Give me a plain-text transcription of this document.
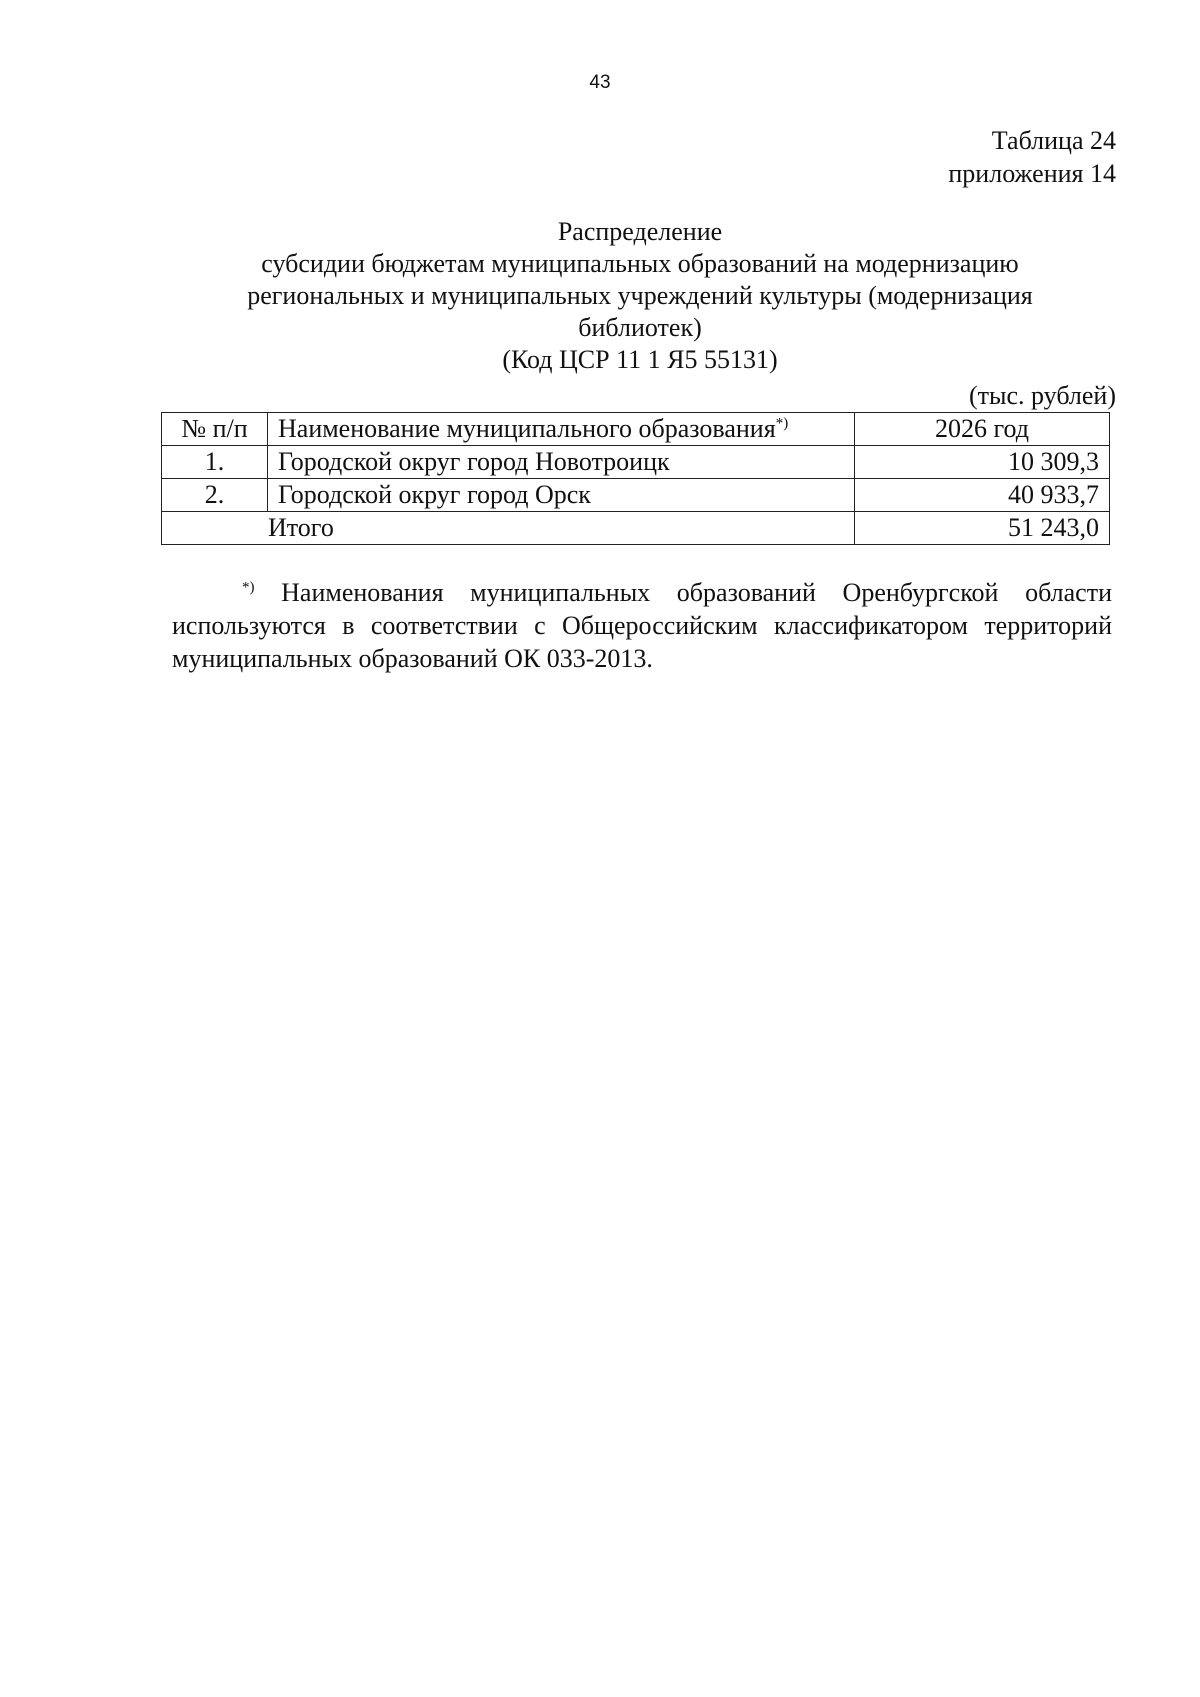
43
Таблица 24
приложения 14
Распределение
субсидии бюджетам муниципальных образований на модернизацию
региональных и муниципальных учреждений культуры (модернизация
библиотек)
(Код ЦСР 11 1 Я5 55131)
(тыс. рублей)
№ п/п	Наименование муниципального образования*)	2026 год
1.	Городской округ город Новотроицк	10 309,3
2.	Городской округ город Орск	40 933,7
Итого		51 243,0
*) Наименования муниципальных образований Оренбургской области используются в соответствии с Общероссийским классификатором территорий муниципальных образований ОК 033-2013.
